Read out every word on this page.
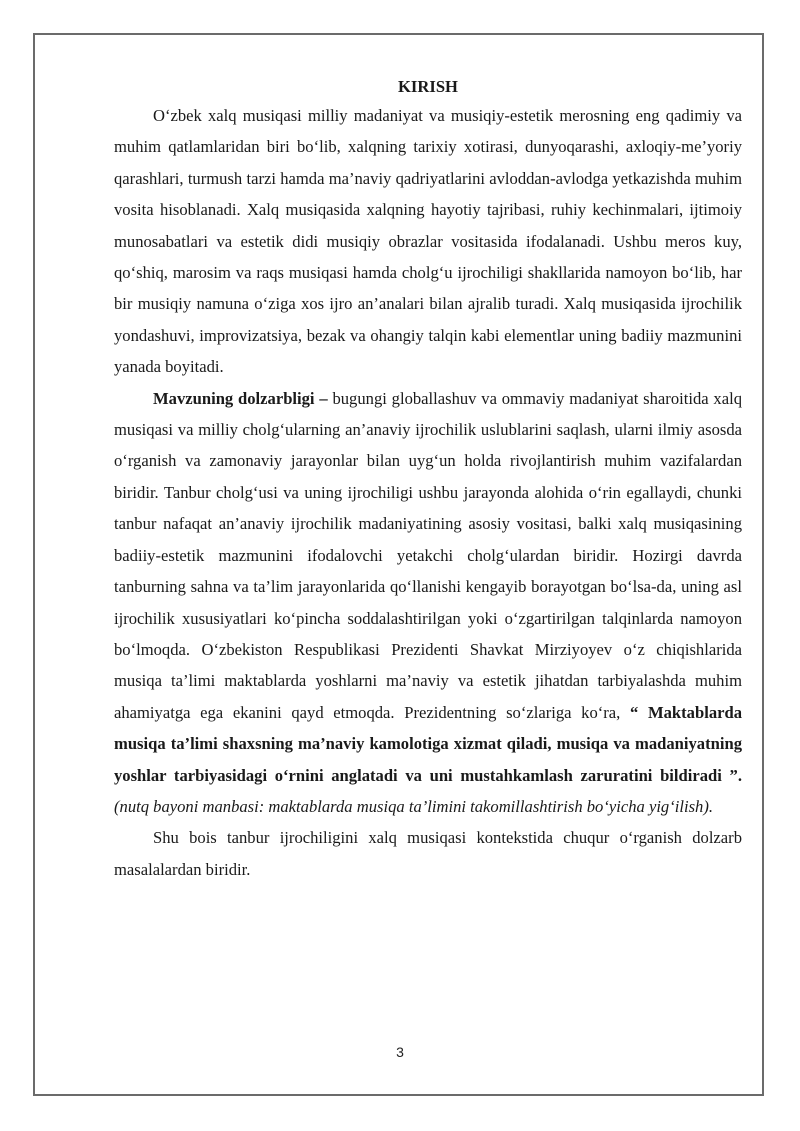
KIRISH

O‘zbek xalq musiqasi milliy madaniyat va musiqiy-estetik merosning eng qadimiy va muhim qatlamlaridan biri bo‘lib, xalqning tarixiy xotirasi, dunyoqarashi, axloqiy-me’yoriy qarashlari, turmush tarzi hamda ma’naviy qadriyatlarini avloddan-avlodga yetkazishda muhim vosita hisoblanadi. Xalq musiqasida xalqning hayotiy tajribasi, ruhiy kechinmalari, ijtimoiy munosabatlari va estetik didi musiqiy obrazlar vositasida ifodalanadi. Ushbu meros kuy, qo‘shiq, marosim va raqs musiqasi hamda cholg‘u ijrochiligi shakllarida namoyon bo‘lib, har bir musiqiy namuna o‘ziga xos ijro an’analari bilan ajralib turadi. Xalq musiqasida ijrochilik yondashuvi, improvizatsiya, bezak va ohangiy talqin kabi elementlar uning badiiy mazmunini yanada boyitadi.

Mavzuning dolzarbligi – bugungi globallashuv va ommaviy madaniyat sharoitida xalq musiqasi va milliy cholg‘ularning an’anaviy ijrochilik uslublarini saqlash, ularni ilmiy asosda o‘rganish va zamonaviy jarayonlar bilan uyg‘un holda rivojlantirish muhim vazifalardan biridir. Tanbur cholg‘usi va uning ijrochiligi ushbu jarayonda alohida o‘rin egallaydi, chunki tanbur nafaqat an’anaviy ijrochilik madaniyatining asosiy vositasi, balki xalq musiqasining badiiy-estetik mazmunini ifodalovchi yetakchi cholg‘ulardan biridir. Hozirgi davrda tanburning sahna va ta’lim jarayonlarida qo‘llanishi kengayib borayotgan bo‘lsa-da, uning asl ijrochilik xususiyatlari ko‘pincha soddalashtirilgan yoki o‘zgartirilgan talqinlarda namoyon bo‘lmoqda. O‘zbekiston Respublikasi Prezidenti Shavkat Mirziyoyev o‘z chiqishlarida musiqa ta’limi maktablarda yoshlarni ma’naviy va estetik jihatdan tarbiyalashda muhim ahamiyatga ega ekanini qayd etmoqda. Prezidentning so‘zlariga ko‘ra, “ Maktablarda musiqa ta’limi shaxsning ma’naviy kamolotiga xizmat qiladi, musiqa va madaniyatning yoshlar tarbiyasidagi o‘rnini anglatadi va uni mustahkamlash zaruratini bildiradi ”. (nutq bayoni manbasi: maktablarda musiqa ta’limini takomillashtirish bo‘yicha yig‘ilish).

Shu bois tanbur ijrochiligini xalq musiqasi kontekstida chuqur o‘rganish dolzarb masalalardan biridir.

3
